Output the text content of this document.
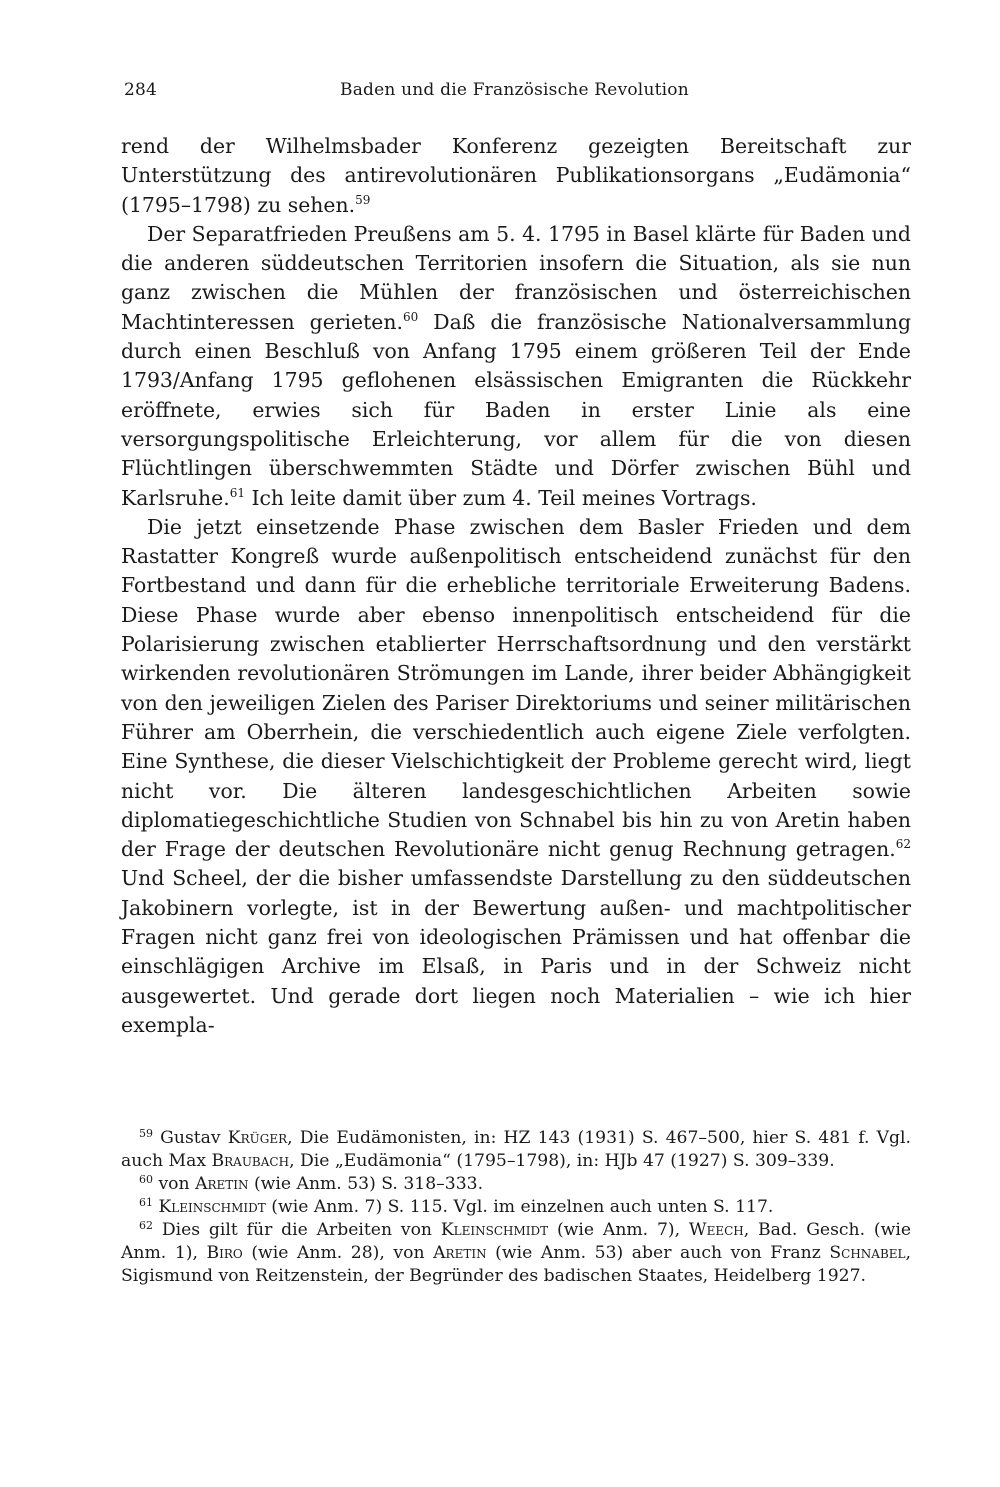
284	Baden und die Französische Revolution

rend der Wilhelmsbader Konferenz gezeigten Bereitschaft zur Unterstützung des antirevolutionären Publikationsorgans „Eudämonia“ (1795–1798) zu sehen.$^{59}$

Der Separatfrieden Preußens am 5. 4. 1795 in Basel klärte für Baden und die anderen süddeutschen Territorien insofern die Situation, als sie nun ganz zwischen die Mühlen der französischen und österreichischen Machtinteressen gerieten.$^{60}$ Daß die französische Nationalversammlung durch einen Beschluß von Anfang 1795 einem größeren Teil der Ende 1793/Anfang 1795 geflohenen elsässischen Emigranten die Rückkehr eröffnete, erwies sich für Baden in erster Linie als eine versorgungspolitische Erleichterung, vor allem für die von diesen Flüchtlingen überschwemmten Städte und Dörfer zwischen Bühl und Karlsruhe.$^{61}$ Ich leite damit über zum 4. Teil meines Vortrags.

Die jetzt einsetzende Phase zwischen dem Basler Frieden und dem Rastatter Kongreß wurde außenpolitisch entscheidend zunächst für den Fortbestand und dann für die erhebliche territoriale Erweiterung Badens. Diese Phase wurde aber ebenso innenpolitisch entscheidend für die Polarisierung zwischen etablierter Herrschaftsordnung und den verstärkt wirkenden revolutionären Strömungen im Lande, ihrer beider Abhängigkeit von den jeweiligen Zielen des Pariser Direktoriums und seiner militärischen Führer am Oberrhein, die verschiedentlich auch eigene Ziele verfolgten. Eine Synthese, die dieser Vielschichtigkeit der Probleme gerecht wird, liegt nicht vor. Die älteren landesgeschichtlichen Arbeiten sowie diplomatiegeschichtliche Studien von Schnabel bis hin zu von Aretin haben der Frage der deutschen Revolutionäre nicht genug Rechnung getragen.$^{62}$ Und Scheel, der die bisher umfassendste Darstellung zu den süddeutschen Jakobinern vorlegte, ist in der Bewertung außen- und machtpolitischer Fragen nicht ganz frei von ideologischen Prämissen und hat offenbar die einschlägigen Archive im Elsaß, in Paris und in der Schweiz nicht ausgewertet. Und gerade dort liegen noch Materialien – wie ich hier exempla-

$^{59}$ Gustav Krüger, Die Eudämonisten, in: HZ 143 (1931) S. 467–500, hier S. 481 f. Vgl. auch Max Braubach, Die „Eudämonia“ (1795–1798), in: HJb 47 (1927) S. 309–339.

$^{60}$ von Aretin (wie Anm. 53) S. 318–333.

$^{61}$ Kleinschmidt (wie Anm. 7) S. 115. Vgl. im einzelnen auch unten S. 117.

$^{62}$ Dies gilt für die Arbeiten von Kleinschmidt (wie Anm. 7), Weech, Bad. Gesch. (wie Anm. 1), Biro (wie Anm. 28), von Aretin (wie Anm. 53) aber auch von Franz Schnabel, Sigismund von Reitzenstein, der Begründer des badischen Staates, Heidelberg 1927.
